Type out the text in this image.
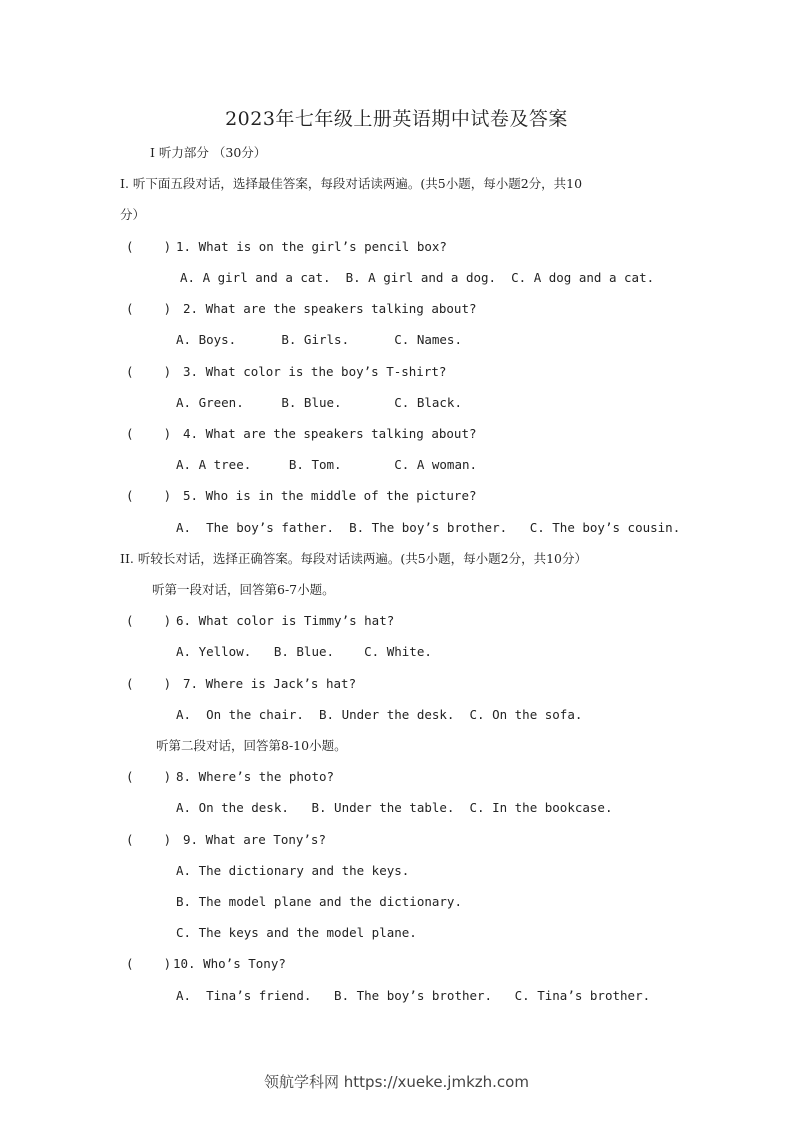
2023年七年级上册英语期中试卷及答案
Ⅰ 听力部分 （30分）
Ⅰ. 听下面五段对话，选择最佳答案，每段对话读两遍。(共5小题，每小题2分，共10
分）
(    ) 1. What is on the girl’s pencil box?
A. A girl and a cat.  B. A girl and a dog.  C. A dog and a cat.
(    ) 2. What are the speakers talking about?
A. Boys.      B. Girls.      C. Names.
(    ) 3. What color is the boy’s T-shirt?
A. Green.     B. Blue.       C. Black.
(    ) 4. What are the speakers talking about?
A. A tree.     B. Tom.       C. A woman.
(    ) 5. Who is in the middle of the picture?
A.  The boy’s father.  B. The boy’s brother.   C. The boy’s cousin.
II. 听较长对话，选择正确答案。每段对话读两遍。(共5小题，每小题2分，共10分）
听第一段对话，回答第6-7小题。
(    ) 6. What color is Timmy’s hat?
A. Yellow.   B. Blue.    C. White.
(    ) 7. Where is Jack’s hat?
A.  On the chair.  B. Under the desk.  C. On the sofa.
听第二段对话，回答第8-10小题。
(    ) 8. Where’s the photo?
A. On the desk.   B. Under the table.  C. In the bookcase.
(    ) 9. What are Tony’s?
A. The dictionary and the keys.
B. The model plane and the dictionary.
C. The keys and the model plane.
(    ) 10. Who’s Tony?
A.  Tina’s friend.   B. The boy’s brother.   C. Tina’s brother.
领航学科网 https://xueke.jmkzh.com
